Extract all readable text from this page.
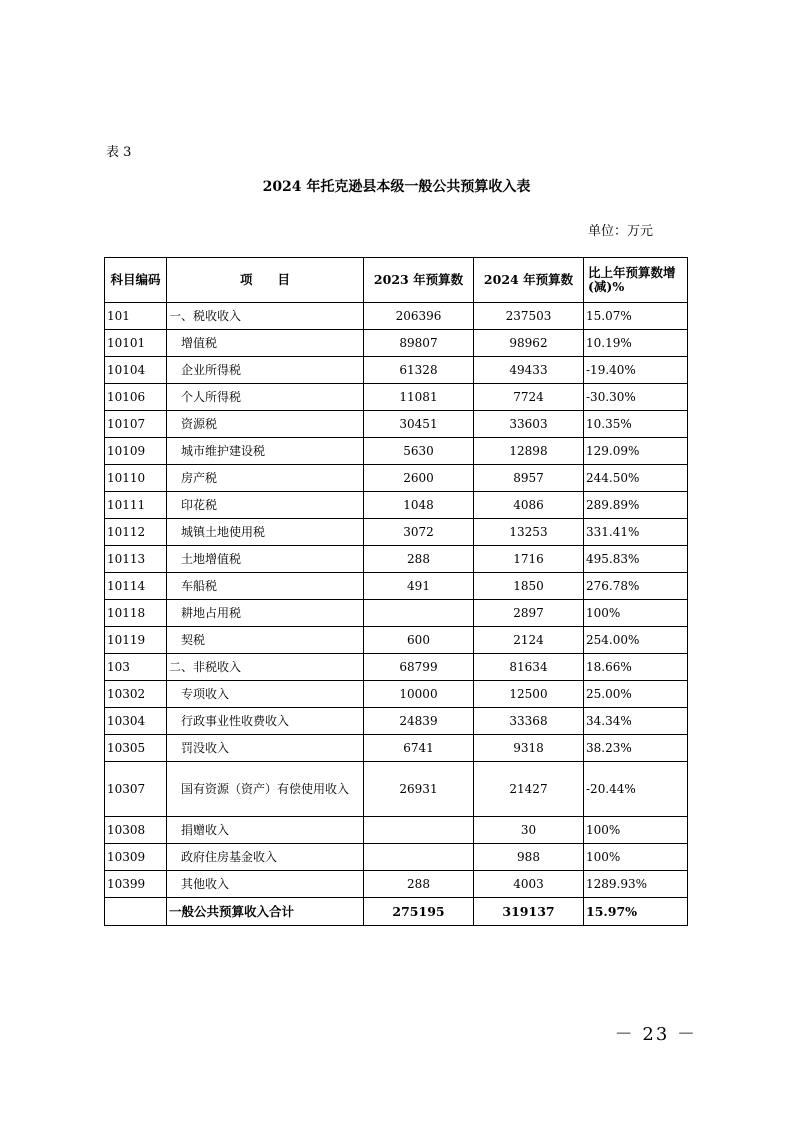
表 3
2024 年托克逊县本级一般公共预算收入表
单位：万元
科目编码	项　　目	2023 年预算数	2024 年预算数	比上年预算数增(减)%
101	一、税收收入	206396	237503	15.07%
10101	增值税	89807	98962	10.19%
10104	企业所得税	61328	49433	-19.40%
10106	个人所得税	11081	7724	-30.30%
10107	资源税	30451	33603	10.35%
10109	城市维护建设税	5630	12898	129.09%
10110	房产税	2600	8957	244.50%
10111	印花税	1048	4086	289.89%
10112	城镇土地使用税	3072	13253	331.41%
10113	土地增值税	288	1716	495.83%
10114	车船税	491	1850	276.78%
10118	耕地占用税		2897	100%
10119	契税	600	2124	254.00%
103	二、非税收入	68799	81634	18.66%
10302	专项收入	10000	12500	25.00%
10304	行政事业性收费收入	24839	33368	34.34%
10305	罚没收入	6741	9318	38.23%
10307	国有资源（资产）有偿使用收入	26931	21427	-20.44%
10308	捐赠收入		30	100%
10309	政府住房基金收入		988	100%
10399	其他收入	288	4003	1289.93%
	一般公共预算收入合计	275195	319137	15.97%
－ 23 －
